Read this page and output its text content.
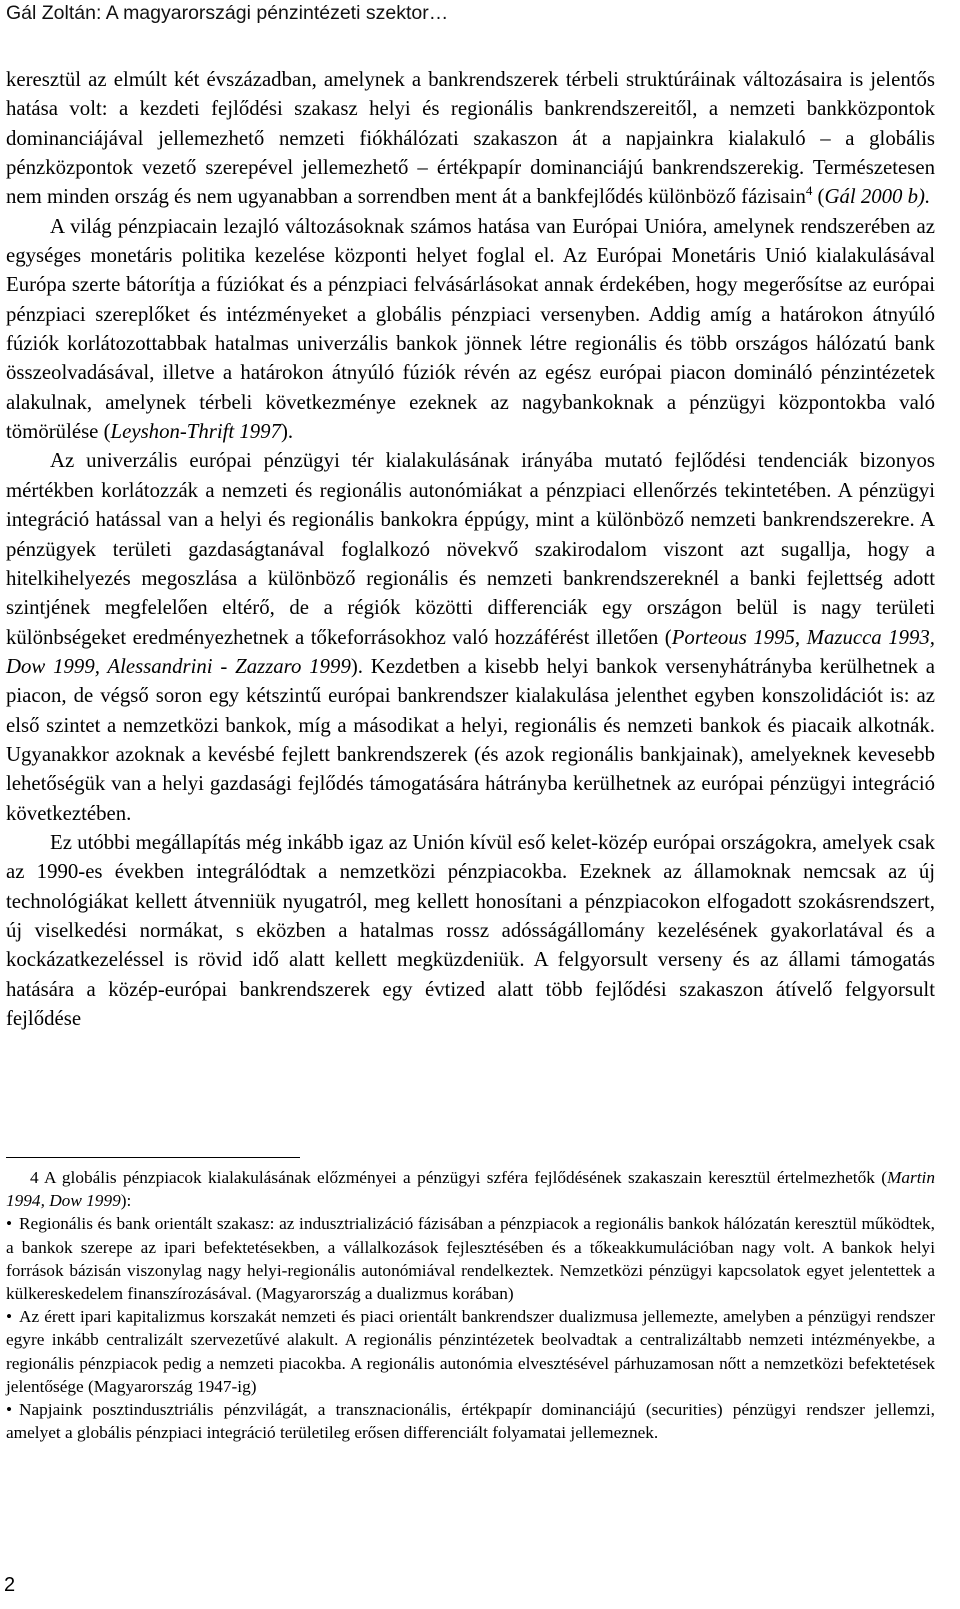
Gál Zoltán: A magyarországi pénzintézeti szektor…

keresztül az elmúlt két évszázadban, amelynek a bankrendszerek térbeli struktúráinak változásaira is jelentős hatása volt: a kezdeti fejlődési szakasz helyi és regionális bankrendszereitől, a nemzeti bankközpontok dominanciájával jellemezhető nemzeti fiókhálózati szakaszon át a napjainkra kialakuló – a globális pénzközpontok vezető szerepével jellemezhető – értékpapír dominanciájú bankrendszerekig. Természetesen nem minden ország és nem ugyanabban a sorrendben ment át a bankfejlődés különböző fázisain$^4$ (Gál 2000 b).

A világ pénzpiacain lezajló változásoknak számos hatása van Európai Unióra, amelynek rendszerében az egységes monetáris politika kezelése központi helyet foglal el. Az Európai Monetáris Unió kialakulásával Európa szerte bátorítja a fúziókat és a pénzpiaci felvásárlásokat annak érdekében, hogy megerősítse az európai pénzpiaci szereplőket és intézményeket a globális pénzpiaci versenyben. Addig amíg a határokon átnyúló fúziók korlátozottabbak hatalmas univerzális bankok jönnek létre regionális és több országos hálózatú bank összeolvadásával, illetve a határokon átnyúló fúziók révén az egész európai piacon domináló pénzintézetek alakulnak, amelynek térbeli következménye ezeknek az nagybankoknak a pénzügyi központokba való tömörülése (Leyshon-Thrift 1997).

Az univerzális európai pénzügyi tér kialakulásának irányába mutató fejlődési tendenciák bizonyos mértékben korlátozzák a nemzeti és regionális autonómiákat a pénzpiaci ellenőrzés tekintetében. A pénzügyi integráció hatással van a helyi és regionális bankokra éppúgy, mint a különböző nemzeti bankrendszerekre. A pénzügyek területi gazdaságtanával foglalkozó növekvő szakirodalom viszont azt sugallja, hogy a hitelkihelyezés megoszlása a különböző regionális és nemzeti bankrendszereknél a banki fejlettség adott szintjének megfelelően eltérő, de a régiók közötti differenciák egy országon belül is nagy területi különbségeket eredményezhetnek a tőkeforrásokhoz való hozzáférést illetően (Porteous 1995, Mazucca 1993, Dow 1999, Alessandrini - Zazzaro 1999). Kezdetben a kisebb helyi bankok versenyhátrányba kerülhetnek a piacon, de végső soron egy kétszintű európai bankrendszer kialakulása jelenthet egyben konszolidációt is: az első szintet a nemzetközi bankok, míg a másodikat a helyi, regionális és nemzeti bankok és piacaik alkotnák. Ugyanakkor azoknak a kevésbé fejlett bankrendszerek (és azok regionális bankjainak), amelyeknek kevesebb lehetőségük van a helyi gazdasági fejlődés támogatására hátrányba kerülhetnek az európai pénzügyi integráció következtében.

Ez utóbbi megállapítás még inkább igaz az Unión kívül eső kelet-közép európai országokra, amelyek csak az 1990-es években integrálódtak a nemzetközi pénzpiacokba. Ezeknek az államoknak nemcsak az új technológiákat kellett átvenniük nyugatról, meg kellett honosítani a pénzpiacokon elfogadott szokásrendszert, új viselkedési normákat, s eközben a hatalmas rossz adósságállomány kezelésének gyakorlatával és a kockázatkezeléssel is rövid idő alatt kellett megküzdeniük. A felgyorsult verseny és az állami támogatás hatására a közép-európai bankrendszerek egy évtized alatt több fejlődési szakaszon átívelő felgyorsult fejlődése

4 A globális pénzpiacok kialakulásának előzményei a pénzügyi szféra fejlődésének szakaszain keresztül értelmezhetők (Martin 1994, Dow 1999):

• Regionális és bank orientált szakasz: az indusztrializáció fázisában a pénzpiacok a regionális bankok hálózatán keresztül működtek, a bankok szerepe az ipari befektetésekben, a vállalkozások fejlesztésében és a tőkeakkumulációban nagy volt. A bankok helyi források bázisán viszonylag nagy helyi-regionális autonómiával rendelkeztek. Nemzetközi pénzügyi kapcsolatok egyet jelentettek a külkereskedelem finanszírozásával. (Magyarország a dualizmus korában)
• Az érett ipari kapitalizmus korszakát nemzeti és piaci orientált bankrendszer dualizmusa jellemezte, amelyben a pénzügyi rendszer egyre inkább centralizált szervezetűvé alakult. A regionális pénzintézetek beolvadtak a centralizáltabb nemzeti intézményekbe, a regionális pénzpiacok pedig a nemzeti piacokba. A regionális autonómia elvesztésével párhuzamosan nőtt a nemzetközi befektetések jelentősége (Magyarország 1947-ig)
• Napjaink posztindusztriális pénzvilágát, a transznacionális, értékpapír dominanciájú (securities) pénzügyi rendszer jellemzi, amelyet a globális pénzpiaci integráció területileg erősen differenciált folyamatai jellemeznek.
2
